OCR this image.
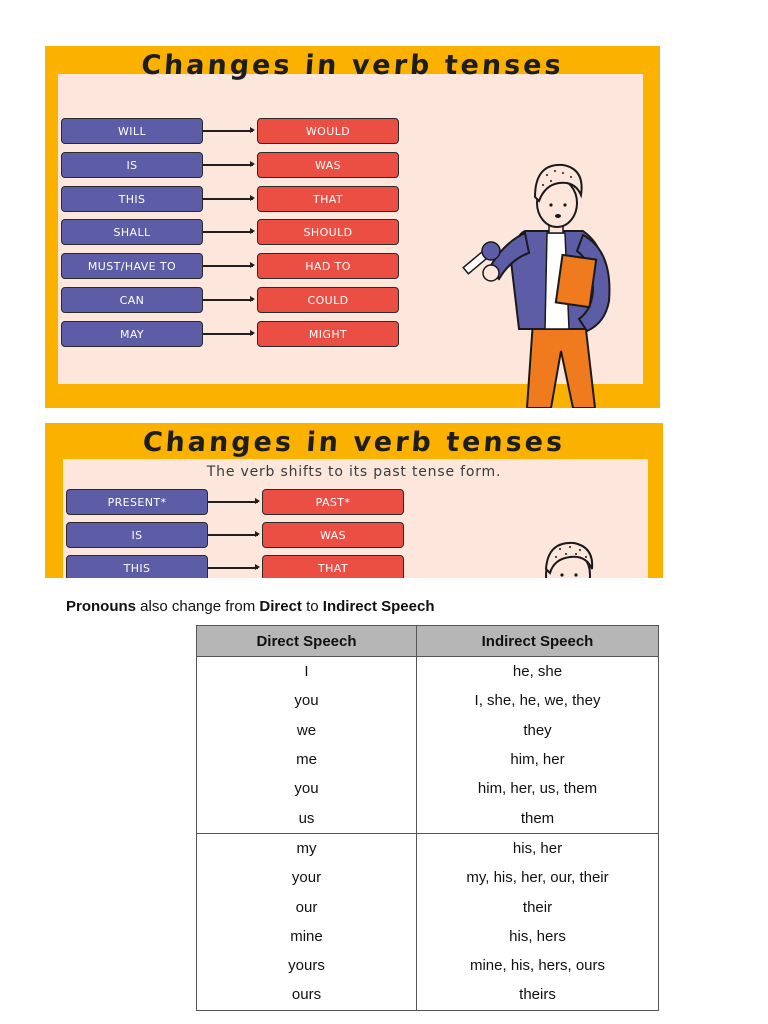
Changes in verb tenses
WILL	WOULD
IS	WAS
THIS	THAT
SHALL	SHOULD
MUST/HAVE TO	HAD TO
CAN	COULD
MAY	MIGHT
Changes in verb tenses
The verb shifts to its past tense form.
PRESENT*	PAST*
IS	WAS
THIS	THAT
Pronouns also change from Direct to Indirect Speech
Direct Speech	Indirect Speech
I	he, she
you	I, she, he, we, they
we	they
me	him, her
you	him, her, us, them
us	them
my	his, her
your	my, his, her, our, their
our	their
mine	his, hers
yours	mine, his, hers, ours
ours	theirs
